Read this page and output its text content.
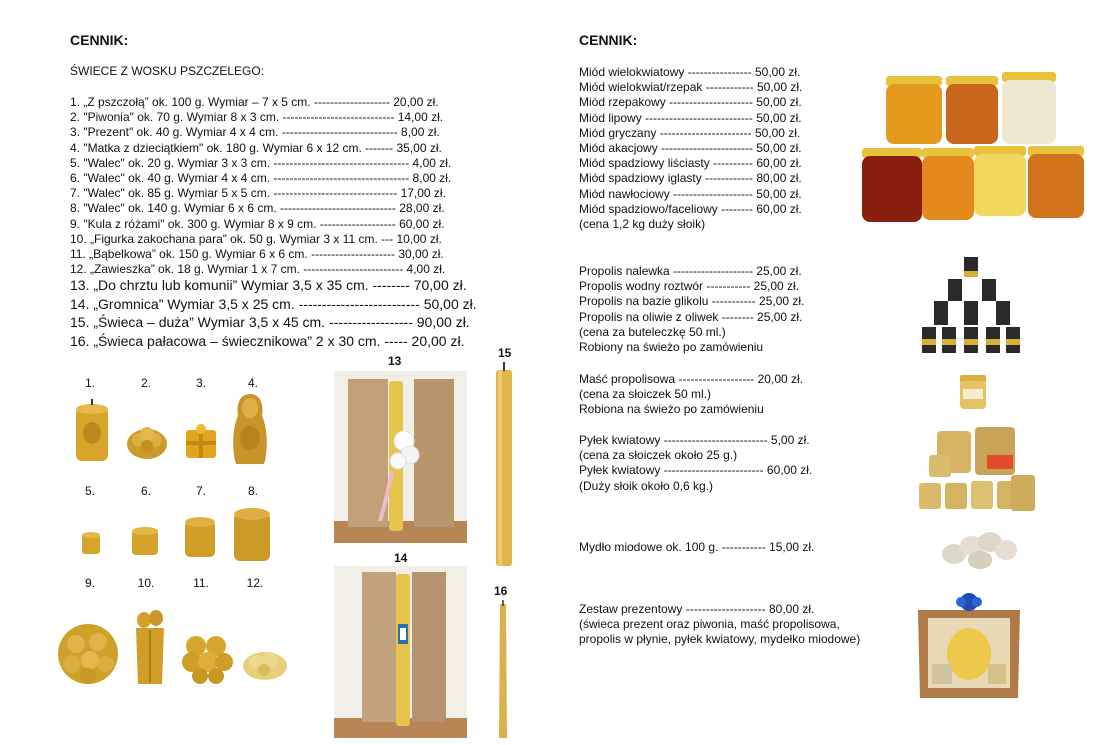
CENNIK:
ŚWIECE Z WOSKU PSZCZELEGO:
1. „Z pszczołą” ok. 100 g. Wymiar – 7 x 5 cm. ------------------- 20,00 zł.
2. "Piwonia" ok. 70 g. Wymiar 8 x 3 cm. ---------------------------- 14,00 zł.
3. "Prezent" ok. 40 g. Wymiar 4 x 4 cm. ----------------------------- 8,00 zł.
4. "Matka z dzieciątkiem" ok. 180 g. Wymiar 6 x 12 cm. ------- 35,00 zł.
5. "Walec" ok. 20 g. Wymiar 3 x 3 cm. ---------------------------------- 4,00 zł.
6. "Walec" ok. 40 g. Wymiar 4 x 4 cm. ---------------------------------- 8,00 zł.
7. "Walec" ok. 85 g. Wymiar 5 x 5 cm. ------------------------------- 17,00 zł.
8. "Walec" ok. 140 g. Wymiar 6 x 6 cm. ----------------------------- 28,00 zł.
9. "Kula z różami" ok. 300 g. Wymiar 8 x 9 cm. ------------------- 60,00 zł.
10. „Figurka zakochana para” ok. 50 g. Wymiar 3 x 11 cm. --- 10,00 zł.
11. „Bąbelkowa” ok. 150 g. Wymiar 6 x 6 cm. --------------------- 30,00 zł.
12. „Zawieszka” ok. 18 g. Wymiar 1 x 7 cm. ------------------------- 4,00 zł.
13. „Do chrztu lub komunii” Wymiar 3,5 x 35 cm. -------- 70,00 zł.
14. „Gromnica” Wymiar 3,5 x 25 cm. -------------------------- 50,00 zł.
15. „Świeca – duża” Wymiar 3,5 x 45 cm. ------------------ 90,00 zł.
16. „Świeca pałacowa – świecznikowa” 2 x 30 cm. ----- 20,00 zł.
1.	2.	3.	4.
5.	6.	7.	8.
9.	10.	11.	12.
13
14
15
16
CENNIK:
Miód wielokwiatowy ---------------- 50,00 zł.
Miód wielokwiat/rzepak ------------ 50,00 zł.
Miód rzepakowy --------------------- 50,00 zł.
Miód lipowy --------------------------- 50,00 zł.
Miód gryczany ----------------------- 50,00 zł.
Miód akacjowy ----------------------- 50,00 zł.
Miód spadziowy liściasty ---------- 60,00 zł.
Miód spadziowy iglasty ------------ 80,00 zł.
Miód nawłociowy -------------------- 50,00 zł.
Miód spadziowo/faceliowy -------- 60,00 zł.
(cena 1,2 kg duży słoik)
Propolis nalewka -------------------- 25,00 zł.
Propolis wodny roztwór ----------- 25,00 zł.
Propolis na bazie glikolu ----------- 25,00 zł.
Propolis na oliwie z oliwek -------- 25,00 zł.
(cena za buteleczkę 50 ml.)
Robiony na świeżo po zamówieniu
Maść propolisowa ------------------- 20,00 zł.
(cena za słoiczek 50 ml.)
Robiona na świeżo po zamówieniu
Pyłek kwiatowy -------------------------- 5,00 zł.
(cena za słoiczek około 25 g.)
Pyłek kwiatowy ------------------------- 60,00 zł.
(Duży słoik około 0,6 kg.)
Mydło miodowe ok. 100 g. ----------- 15,00 zł.
Zestaw prezentowy -------------------- 80,00 zł.
(świeca prezent oraz piwonia, maść propolisowa,
propolis w płynie, pyłek kwiatowy, mydełko miodowe)
